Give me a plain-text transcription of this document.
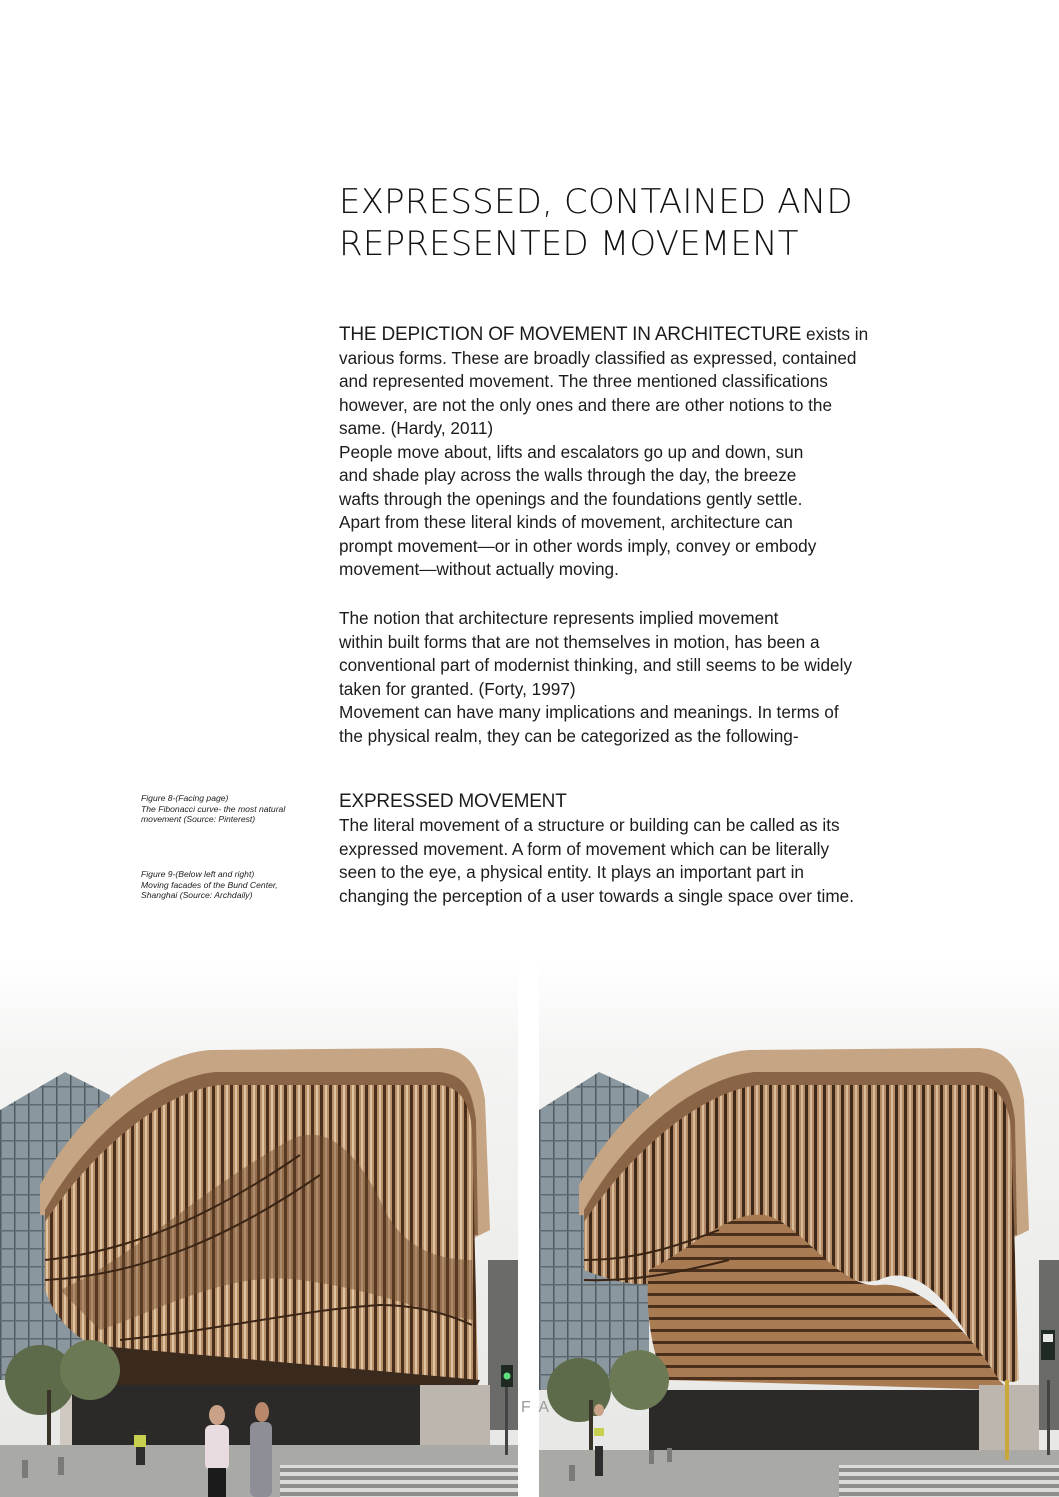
EXPRESSED, CONTAINED AND
REPRESENTED MOVEMENT
THE DEPICTION OF MOVEMENT IN ARCHITECTURE exists in
various forms. These are broadly classified as expressed, contained
and represented movement. The three mentioned classifications
however, are not the only ones and there are other notions to the
same. (Hardy, 2011)
People move about, lifts and escalators go up and down, sun
and shade play across the walls through the day, the breeze
wafts through the openings and the foundations gently settle.
Apart from these literal kinds of movement, architecture can
prompt movement—or in other words imply, convey or embody
movement—without actually moving.
The notion that architecture represents implied movement
within built forms that are not themselves in motion, has been a
conventional part of modernist thinking, and still seems to be widely
taken for granted. (Forty, 1997)
Movement can have many implications and meanings. In terms of
the physical realm, they can be categorized as the following-
Figure 8-(Facing page)
The Fibonacci curve- the most natural
movement (Source: Pinterest)
Figure 9-(Below left and right)
Moving facades of the Bund Center,
Shanghai (Source: Archdaily)
EXPRESSED MOVEMENT
The literal movement of a structure or building can be called as its
expressed movement. A form of movement which can be literally
seen to the eye, a physical entity. It plays an important part in
changing the perception of a user towards a single space over time.
F A
